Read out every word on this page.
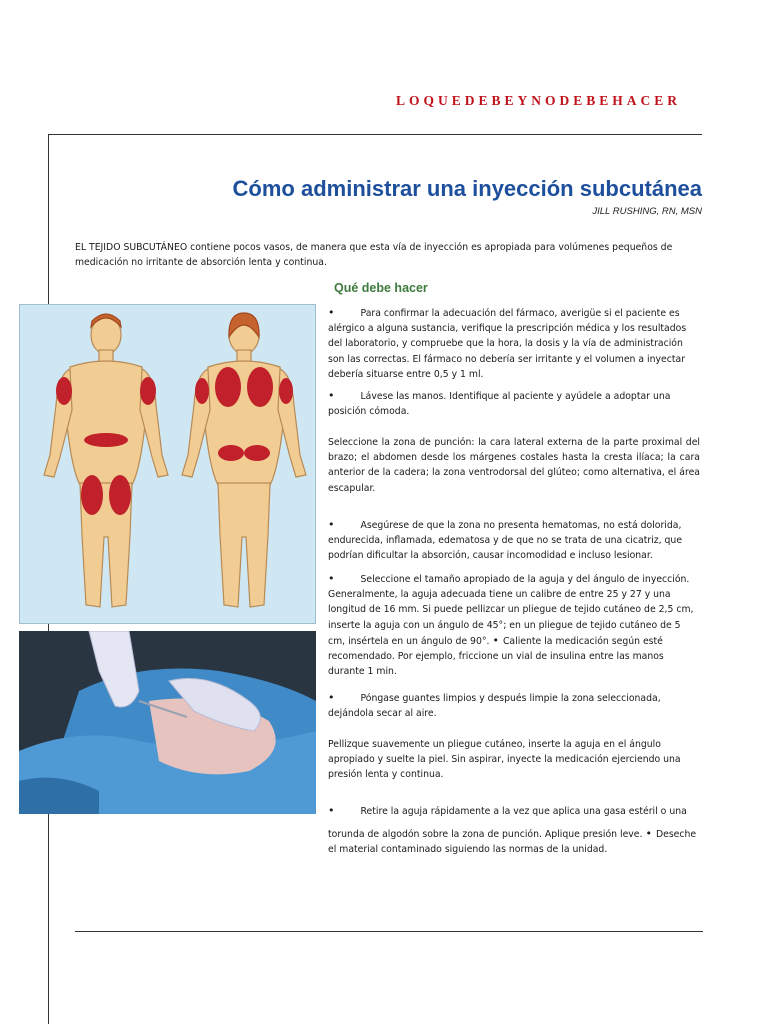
LOQUEDEBEYNODEBEHACER
Cómo administrar una inyección subcutánea
JILL RUSHING, RN, MSN
EL TEJIDO SUBCUTÁNEO contiene pocos vasos, de manera que esta vía de inyección es apropiada para volúmenes pequeños de medicación no irritante de absorción lenta y continua.
Qué debe hacer

•	Para confirmar la adecuación del fármaco, averigüe si el paciente es alérgico a alguna sustancia, verifique la prescripción médica y los resultados del laboratorio, y compruebe que la hora, la dosis y la vía de administración son las correctas. El fármaco no debería ser irritante y el volumen a inyectar debería situarse entre 0,5 y 1 ml.

•	Lávese las manos. Identifique al paciente y ayúdele a adoptar una posición cómoda.

Seleccione la zona de punción: la cara lateral externa de la parte proximal del brazo; el abdomen desde los márgenes costales hasta la cresta ilíaca; la cara anterior de la cadera; la zona ventrodorsal del glúteo; como alternativa, el área escapular.

•	Asegúrese de que la zona no presenta hematomas, no está dolorida, endurecida, inflamada, edematosa y de que no se trata de una cicatriz, que podrían dificultar la absorción, causar incomodidad e incluso lesionar.

•	Seleccione el tamaño apropiado de la aguja y del ángulo de inyección. Generalmente, la aguja adecuada tiene un calibre de entre 25 y 27 y una longitud de 16 mm. Si puede pellizcar un pliegue de tejido cutáneo de 2,5 cm, inserte la aguja con un ángulo de 45°; en un pliegue de tejido cutáneo de 5 cm, insértela en un ángulo de 90°. • Caliente la medicación según esté recomendado. Por ejemplo, friccione un vial de insulina entre las manos durante 1 min.

•	Póngase guantes limpios y después limpie la zona seleccionada, dejándola secar al aire.

Pellizque suavemente un pliegue cutáneo, inserte la aguja en el ángulo apropiado y suelte la piel. Sin aspirar, inyecte la medicación ejerciendo una presión lenta y continua.

•	Retire la aguja rápidamente a la vez que aplica una gasa estéril o una

torunda de algodón sobre la zona de punción. Aplique presión leve. • Deseche el material contaminado siguiendo las normas de la unidad.
